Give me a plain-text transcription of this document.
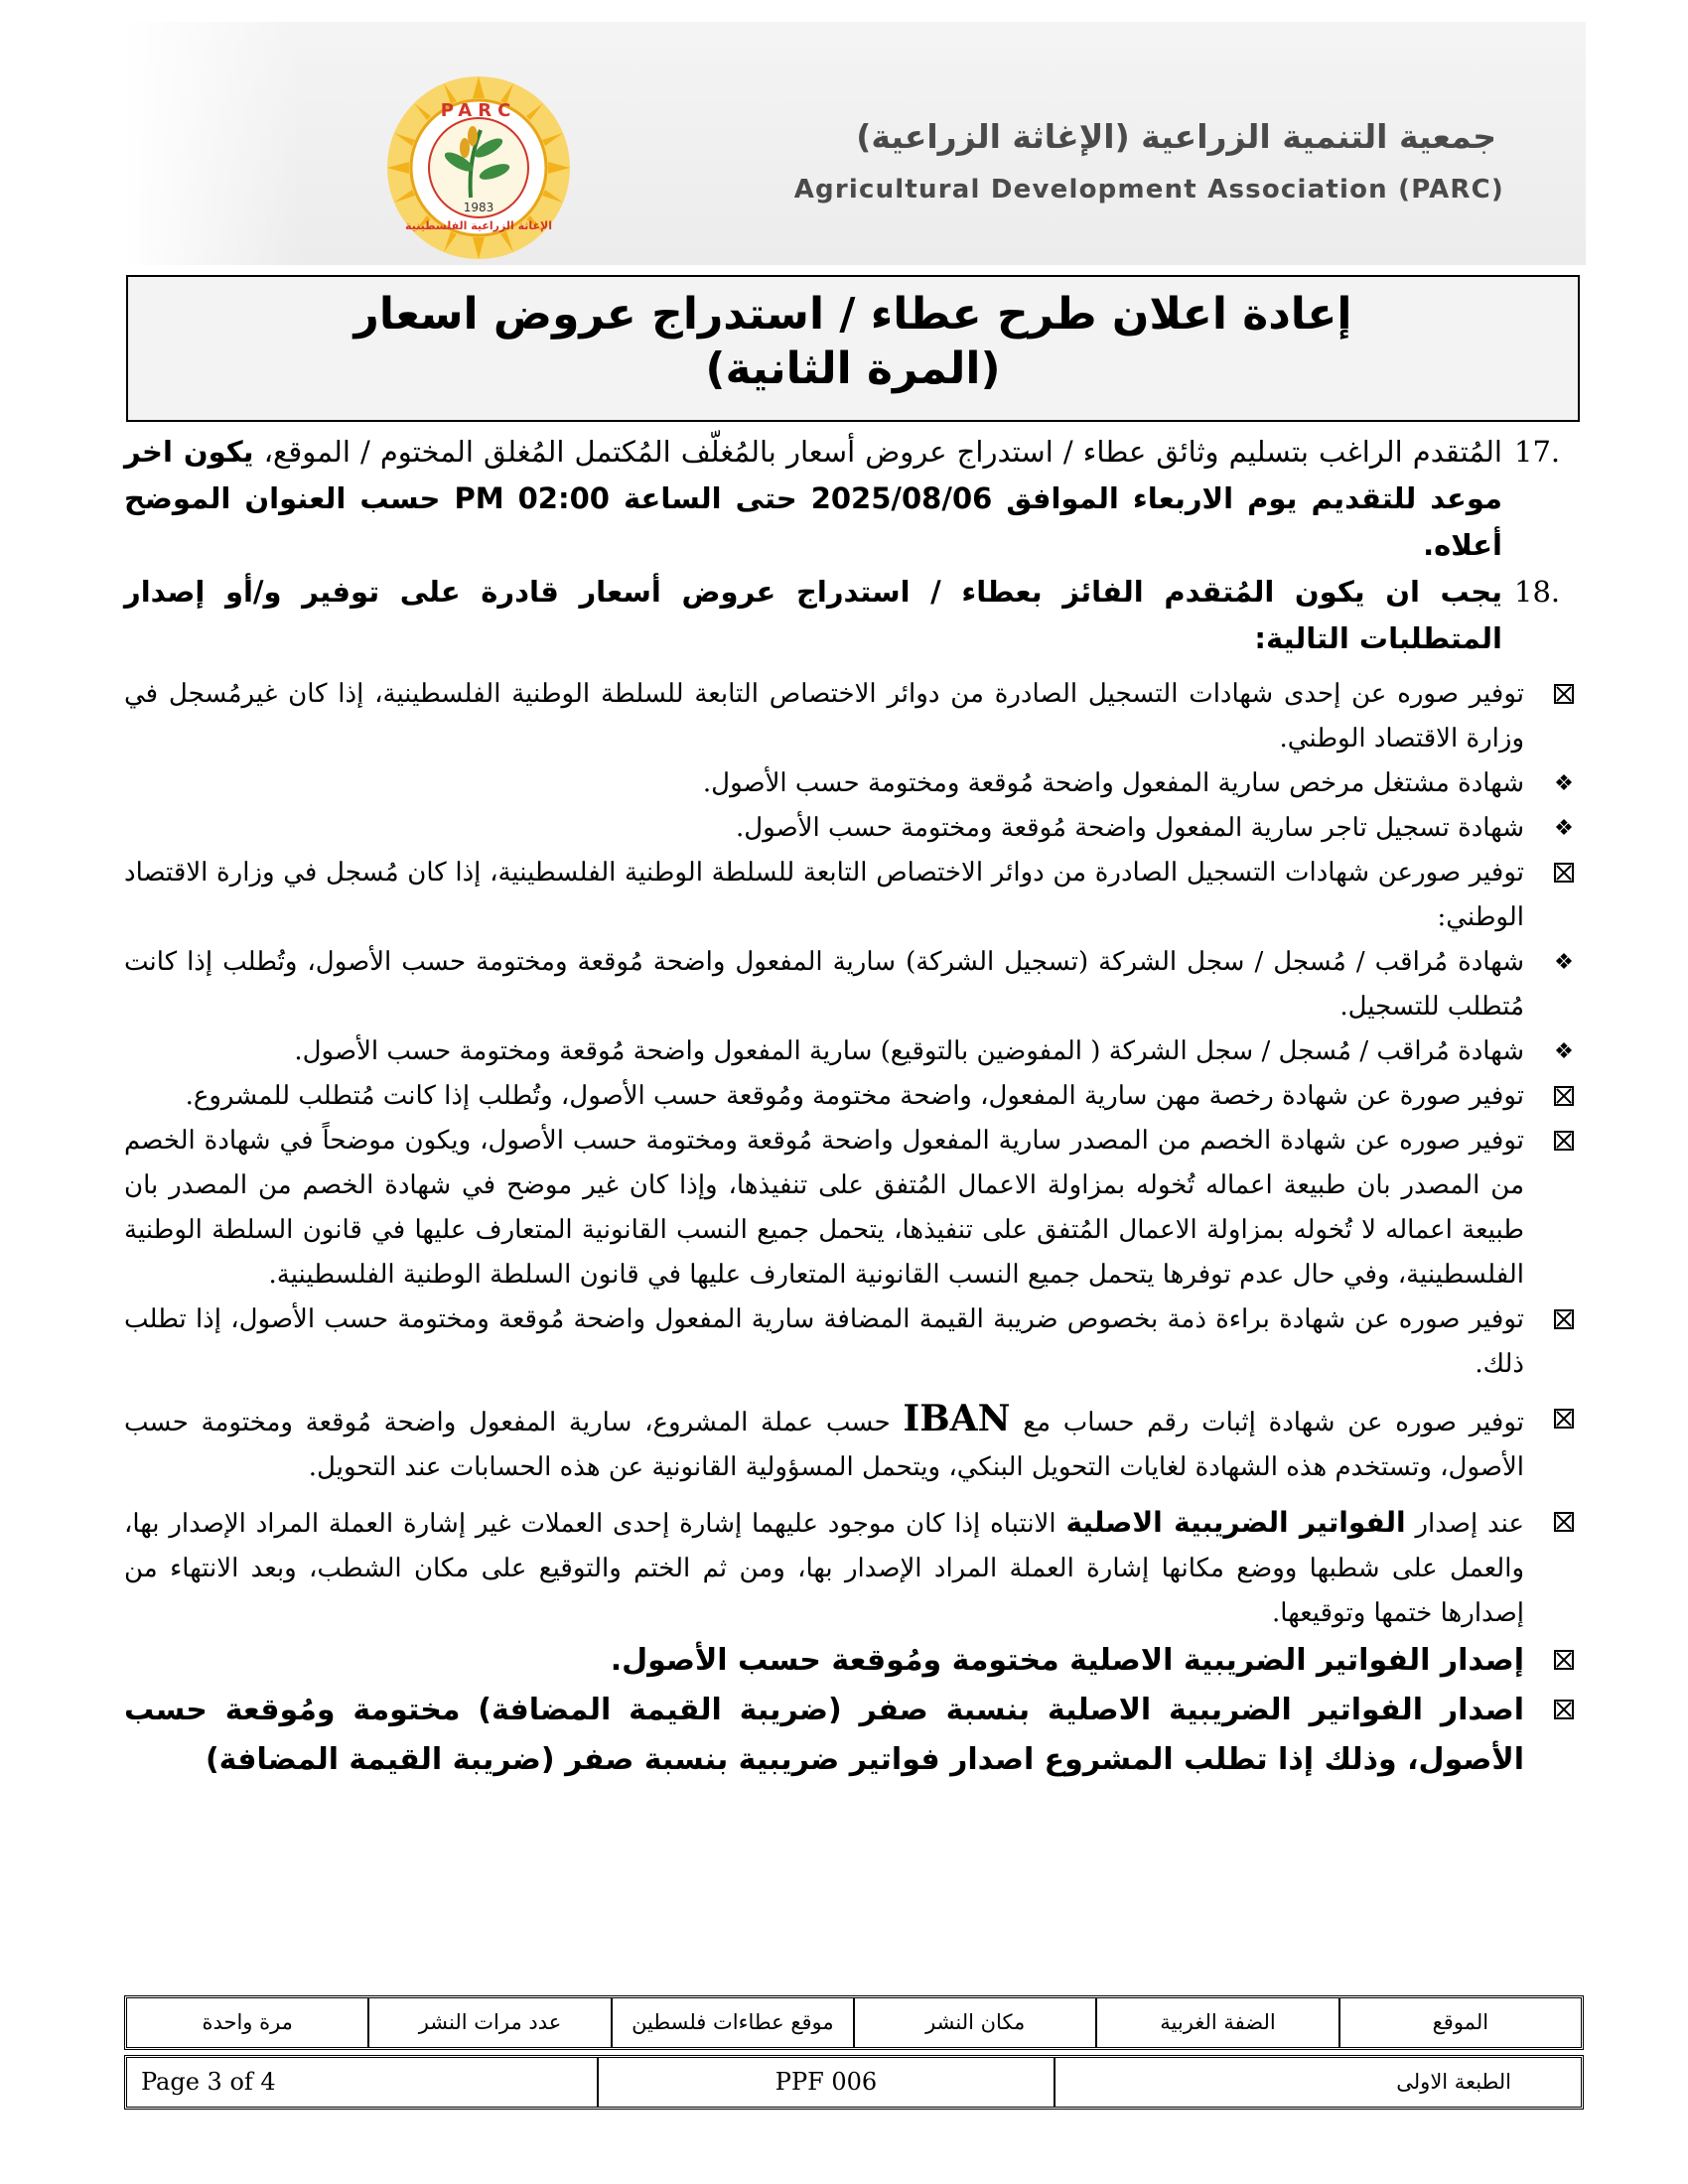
PARC
1983
الإغاثة الزراعية الفلسطينية
جمعية التنمية الزراعية (الإغاثة الزراعية)
Agricultural Development Association (PARC)
إعادة اعلان طرح عطاء / استدراج عروض اسعار
(المرة الثانية)
17.
المُتقدم الراغب بتسليم وثائق عطاء / استدراج عروض أسعار بالمُغلّف المُكتمل المُغلق المختوم / الموقع، يكون اخر موعد للتقديم يوم الاربعاء الموافق 2025/08/06 حتى الساعة 02:00 PM حسب العنوان الموضح أعلاه.
18.
يجب ان يكون المُتقدم الفائز بعطاء / استدراج عروض أسعار قادرة على توفير و/أو إصدار المتطلبات التالية:
توفير صوره عن إحدى شهادات التسجيل الصادرة من دوائر الاختصاص التابعة للسلطة الوطنية الفلسطينية، إذا كان غيرمُسجل في وزارة الاقتصاد الوطني.
❖
شهادة مشتغل مرخص سارية المفعول واضحة مُوقعة ومختومة حسب الأصول.
❖
شهادة تسجيل تاجر سارية المفعول واضحة مُوقعة ومختومة حسب الأصول.
توفير صورعن شهادات التسجيل الصادرة من دوائر الاختصاص التابعة للسلطة الوطنية الفلسطينية، إذا كان مُسجل في وزارة الاقتصاد الوطني:
❖
شهادة مُراقب / مُسجل / سجل الشركة (تسجيل الشركة) سارية المفعول واضحة مُوقعة ومختومة حسب الأصول، وتُطلب إذا كانت مُتطلب للتسجيل.
❖
شهادة مُراقب / مُسجل / سجل الشركة ( المفوضين بالتوقيع) سارية المفعول واضحة مُوقعة ومختومة حسب الأصول.
توفير صورة عن شهادة رخصة مهن سارية المفعول، واضحة مختومة ومُوقعة حسب الأصول، وتُطلب إذا كانت مُتطلب للمشروع.
توفير صوره عن شهادة الخصم من المصدر سارية المفعول واضحة مُوقعة ومختومة حسب الأصول، ويكون موضحاً في شهادة الخصم من المصدر بان طبيعة اعماله تُخوله بمزاولة الاعمال المُتفق على تنفيذها، وإذا كان غير موضح في شهادة الخصم من المصدر بان طبيعة اعماله لا تُخوله بمزاولة الاعمال المُتفق على تنفيذها، يتحمل جميع النسب القانونية المتعارف عليها في قانون السلطة الوطنية الفلسطينية، وفي حال عدم توفرها يتحمل جميع النسب القانونية المتعارف عليها في قانون السلطة الوطنية الفلسطينية.
توفير صوره عن شهادة براءة ذمة بخصوص ضريبة القيمة المضافة سارية المفعول واضحة مُوقعة ومختومة حسب الأصول، إذا تطلب ذلك.
توفير صوره عن شهادة إثبات رقم حساب مع IBAN حسب عملة المشروع، سارية المفعول واضحة مُوقعة ومختومة حسب الأصول، وتستخدم هذه الشهادة لغايات التحويل البنكي، ويتحمل المسؤولية القانونية عن هذه الحسابات عند التحويل.
عند إصدار الفواتير الضريبية الاصلية الانتباه إذا كان موجود عليهما إشارة إحدى العملات غير إشارة العملة المراد الإصدار بها، والعمل على شطبها ووضع مكانها إشارة العملة المراد الإصدار بها، ومن ثم الختم والتوقيع على مكان الشطب، وبعد الانتهاء من إصدارها ختمها وتوقيعها.
إصدار الفواتير الضريبية الاصلية مختومة ومُوقعة حسب الأصول.
اصدار الفواتير الضريبية الاصلية بنسبة صفر (ضريبة القيمة المضافة) مختومة ومُوقعة حسب الأصول، وذلك إذا تطلب المشروع اصدار فواتير ضريبية بنسبة صفر (ضريبة القيمة المضافة)
الموقع
الضفة الغربية
مكان النشر
موقع عطاءات فلسطين
عدد مرات النشر
مرة واحدة
الطبعة الاولى
PPF 006
Page 3 of 4
